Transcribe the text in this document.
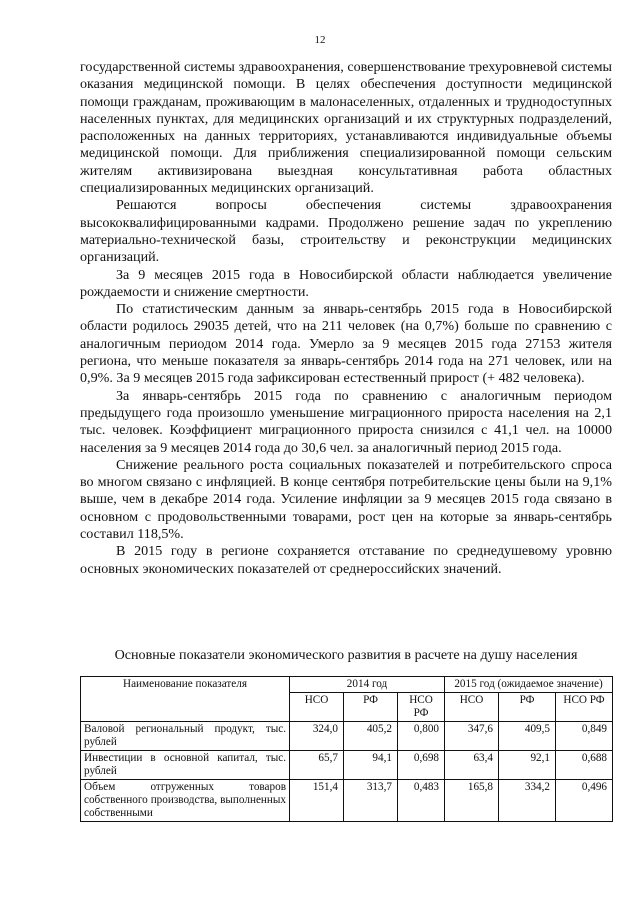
12

государственной системы здравоохранения, совершенствование трехуровневой системы оказания медицинской помощи. В целях обеспечения доступности медицинской помощи гражданам, проживающим в малонаселенных, отдаленных и труднодоступных населенных пунктах, для медицинских организаций и их структурных подразделений, расположенных на данных территориях, устанавливаются индивидуальные объемы медицинской помощи. Для приближения специализированной помощи сельским жителям активизирована выездная консультативная работа областных специализированных медицинских организаций.

Решаются вопросы обеспечения системы здравоохранения высококвалифицированными кадрами. Продолжено решение задач по укреплению материально-технической базы, строительству и реконструкции медицинских организаций.

За 9 месяцев 2015 года в Новосибирской области наблюдается увеличение рождаемости и снижение смертности.

По статистическим данным за январь-сентябрь 2015 года в Новосибирской области родилось 29035 детей, что на 211 человек (на 0,7%) больше по сравнению с аналогичным периодом 2014 года. Умерло за 9 месяцев 2015 года 27153 жителя региона, что меньше показателя за январь-сентябрь 2014 года на 271 человек, или на 0,9%. За 9 месяцев 2015 года зафиксирован естественный прирост (+ 482 человека).

За январь-сентябрь 2015 года по сравнению с аналогичным периодом предыдущего года произошло уменьшение миграционного прироста населения на 2,1 тыс. человек. Коэффициент миграционного прироста снизился с 41,1 чел. на 10000 населения за 9 месяцев 2014 года до 30,6 чел. за аналогичный период 2015 года.

Снижение реального роста социальных показателей и потребительского спроса во многом связано с инфляцией. В конце сентября потребительские цены были на 9,1% выше, чем в декабре 2014 года. Усиление инфляции за 9 месяцев 2015 года связано в основном с продовольственными товарами, рост цен на которые за январь-сентябрь составил 118,5%.

В 2015 году в регионе сохраняется отставание по среднедушевому уровню основных экономических показателей от среднероссийских значений.

Основные показатели экономического развития в расчете на душу населения
Наименование показателя	2014 год			2015 год (ожидаемое значение)		
	НСО	РФ	НСО РФ	НСО	РФ	НСО РФ
Валовой региональный продукт, тыс. рублей	324,0	405,2	0,800	347,6	409,5	0,849
Инвестиции в основной капитал, тыс. рублей	65,7	94,1	0,698	63,4	92,1	0,688
Объем отгруженных товаров собственного производства, выполненных собственными	151,4	313,7	0,483	165,8	334,2	0,496
